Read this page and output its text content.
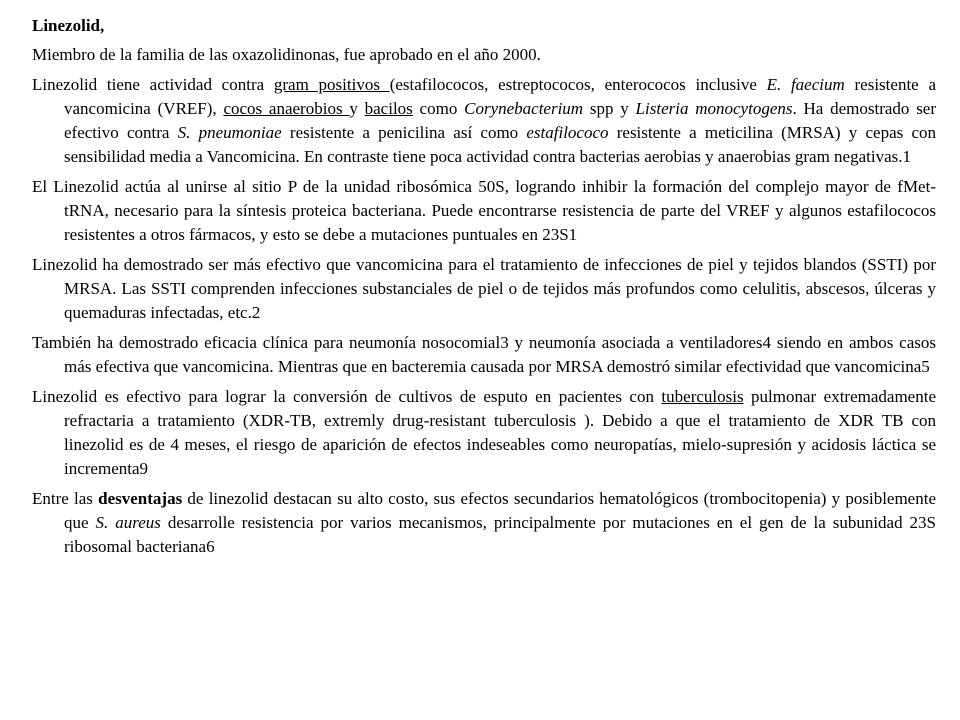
Linezolid,

Miembro de la familia de las oxazolidinonas, fue aprobado en el año 2000.

Linezolid tiene actividad contra gram positivos (estafilococos, estreptococos, enterococos inclusive E. faecium resistente a vancomicina (VREF), cocos anaerobios y bacilos como Corynebacterium spp y Listeria monocytogens. Ha demostrado ser efectivo contra S. pneumoniae resistente a penicilina así como estafilococo resistente a meticilina (MRSA) y cepas con sensibilidad media a Vancomicina. En contraste tiene poca actividad contra bacterias aerobias y anaerobias gram negativas.1

El Linezolid actúa al unirse al sitio P de la unidad ribosómica 50S, logrando inhibir la formación del complejo mayor de fMet-tRNA, necesario para la síntesis proteica bacteriana. Puede encontrarse resistencia de parte del VREF y algunos estafilococos resistentes a otros fármacos, y esto se debe a mutaciones puntuales en 23S1

Linezolid ha demostrado ser más efectivo que vancomicina para el tratamiento de infecciones de piel y tejidos blandos (SSTI) por MRSA. Las SSTI comprenden infecciones substanciales de piel o de tejidos más profundos como celulitis, abscesos, úlceras y quemaduras infectadas, etc.2

También ha demostrado eficacia clínica para neumonía nosocomial3 y neumonía asociada a ventiladores4 siendo en ambos casos más efectiva que vancomicina. Mientras que en bacteremia causada por MRSA demostró similar efectividad que vancomicina5

Linezolid es efectivo para lograr la conversión de cultivos de esputo en pacientes con tuberculosis pulmonar extremadamente refractaria a tratamiento (XDR-TB, extremly drug-resistant tuberculosis ). Debido a que el tratamiento de XDR TB con linezolid es de 4 meses, el riesgo de aparición de efectos indeseables como neuropatías, mielo-supresión y acidosis láctica se incrementa9

Entre las desventajas de linezolid destacan su alto costo, sus efectos secundarios hematológicos (trombocitopenia) y posiblemente que S. aureus desarrolle resistencia por varios mecanismos, principalmente por mutaciones en el gen de la subunidad 23S ribosomal bacteriana6
